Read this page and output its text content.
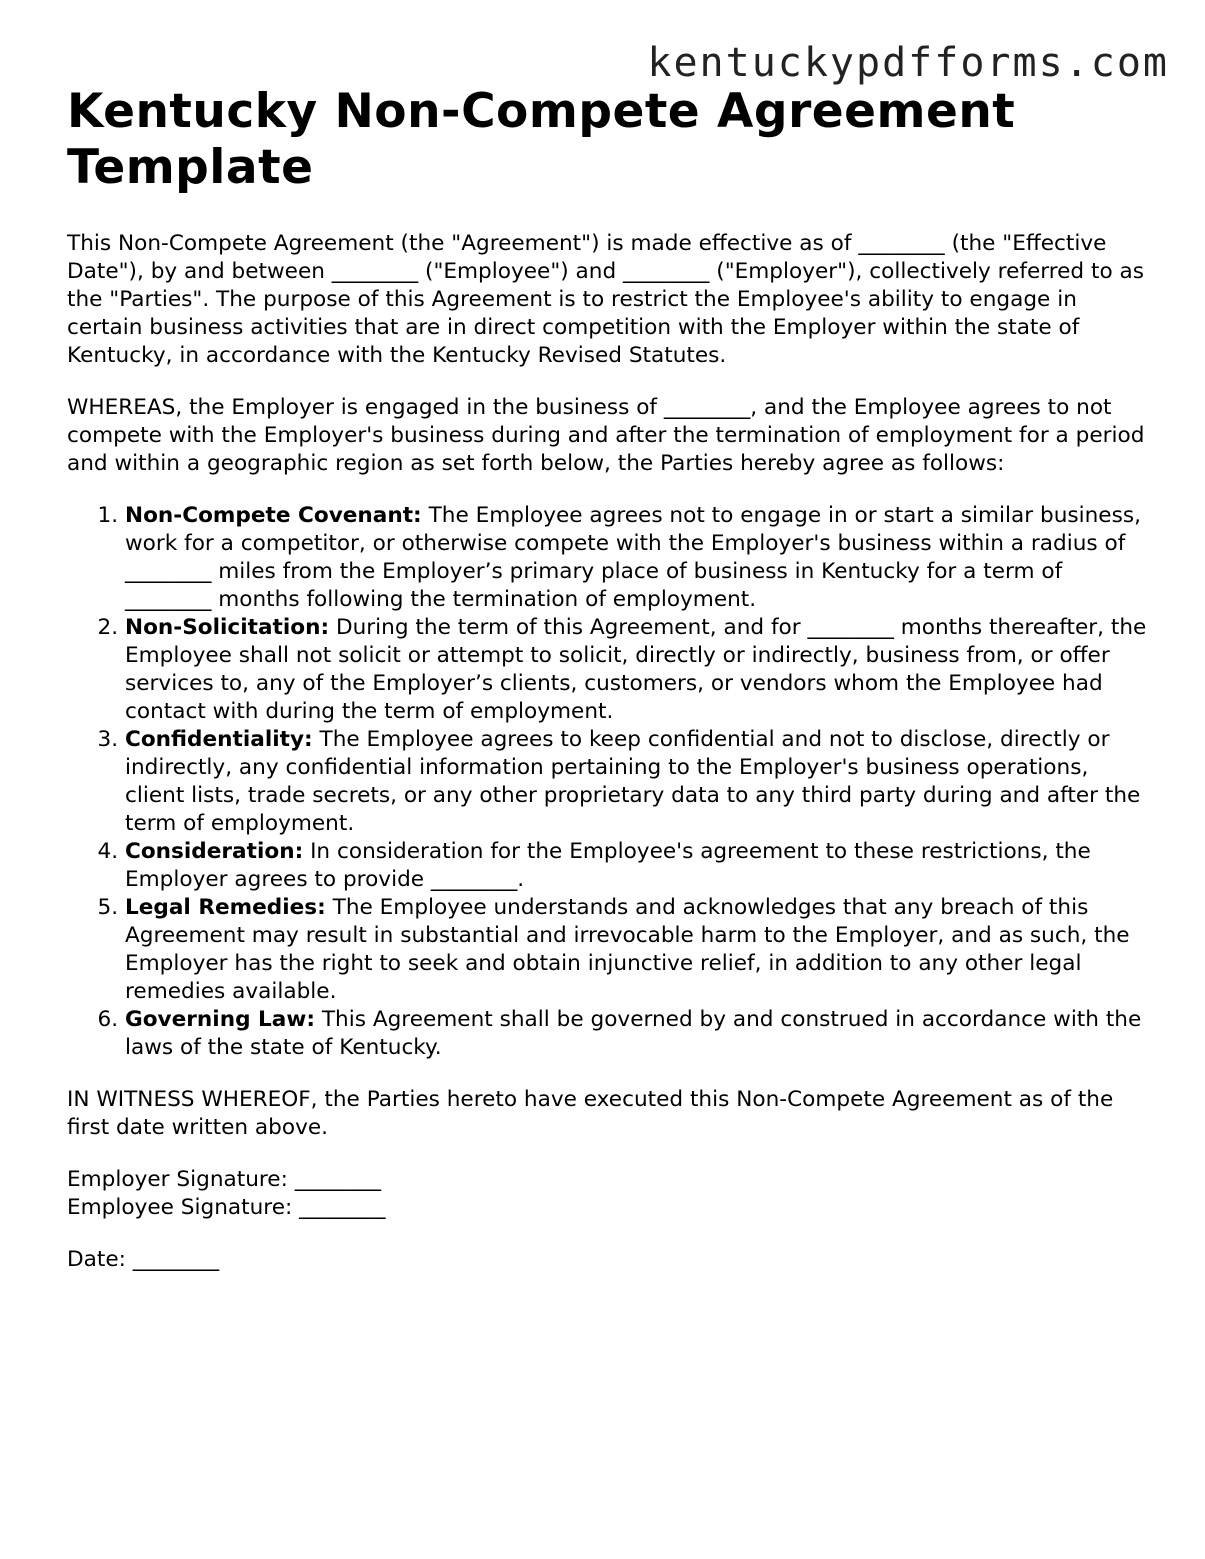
kentuckypdfforms.com
Kentucky Non-Compete Agreement
Template

This Non-Compete Agreement (the "Agreement") is made effective as of ________ (the "Effective Date"), by and between ________ ("Employee") and ________ ("Employer"), collectively referred to as the "Parties". The purpose of this Agreement is to restrict the Employee's ability to engage in certain business activities that are in direct competition with the Employer within the state of Kentucky, in accordance with the Kentucky Revised Statutes.

WHEREAS, the Employer is engaged in the business of ________, and the Employee agrees to not compete with the Employer's business during and after the termination of employment for a period and within a geographic region as set forth below, the Parties hereby agree as follows:

1. Non-Compete Covenant: The Employee agrees not to engage in or start a similar business, work for a competitor, or otherwise compete with the Employer's business within a radius of ________ miles from the Employer’s primary place of business in Kentucky for a term of ________ months following the termination of employment.
2. Non-Solicitation: During the term of this Agreement, and for ________ months thereafter, the Employee shall not solicit or attempt to solicit, directly or indirectly, business from, or offer services to, any of the Employer’s clients, customers, or vendors whom the Employee had contact with during the term of employment.
3. Confidentiality: The Employee agrees to keep confidential and not to disclose, directly or indirectly, any confidential information pertaining to the Employer's business operations, client lists, trade secrets, or any other proprietary data to any third party during and after the term of employment.
4. Consideration: In consideration for the Employee's agreement to these restrictions, the Employer agrees to provide ________.
5. Legal Remedies: The Employee understands and acknowledges that any breach of this Agreement may result in substantial and irrevocable harm to the Employer, and as such, the Employer has the right to seek and obtain injunctive relief, in addition to any other legal remedies available.
6. Governing Law: This Agreement shall be governed by and construed in accordance with the laws of the state of Kentucky.

IN WITNESS WHEREOF, the Parties hereto have executed this Non-Compete Agreement as of the first date written above.

Employer Signature: ________

Employee Signature: ________

Date: ________
